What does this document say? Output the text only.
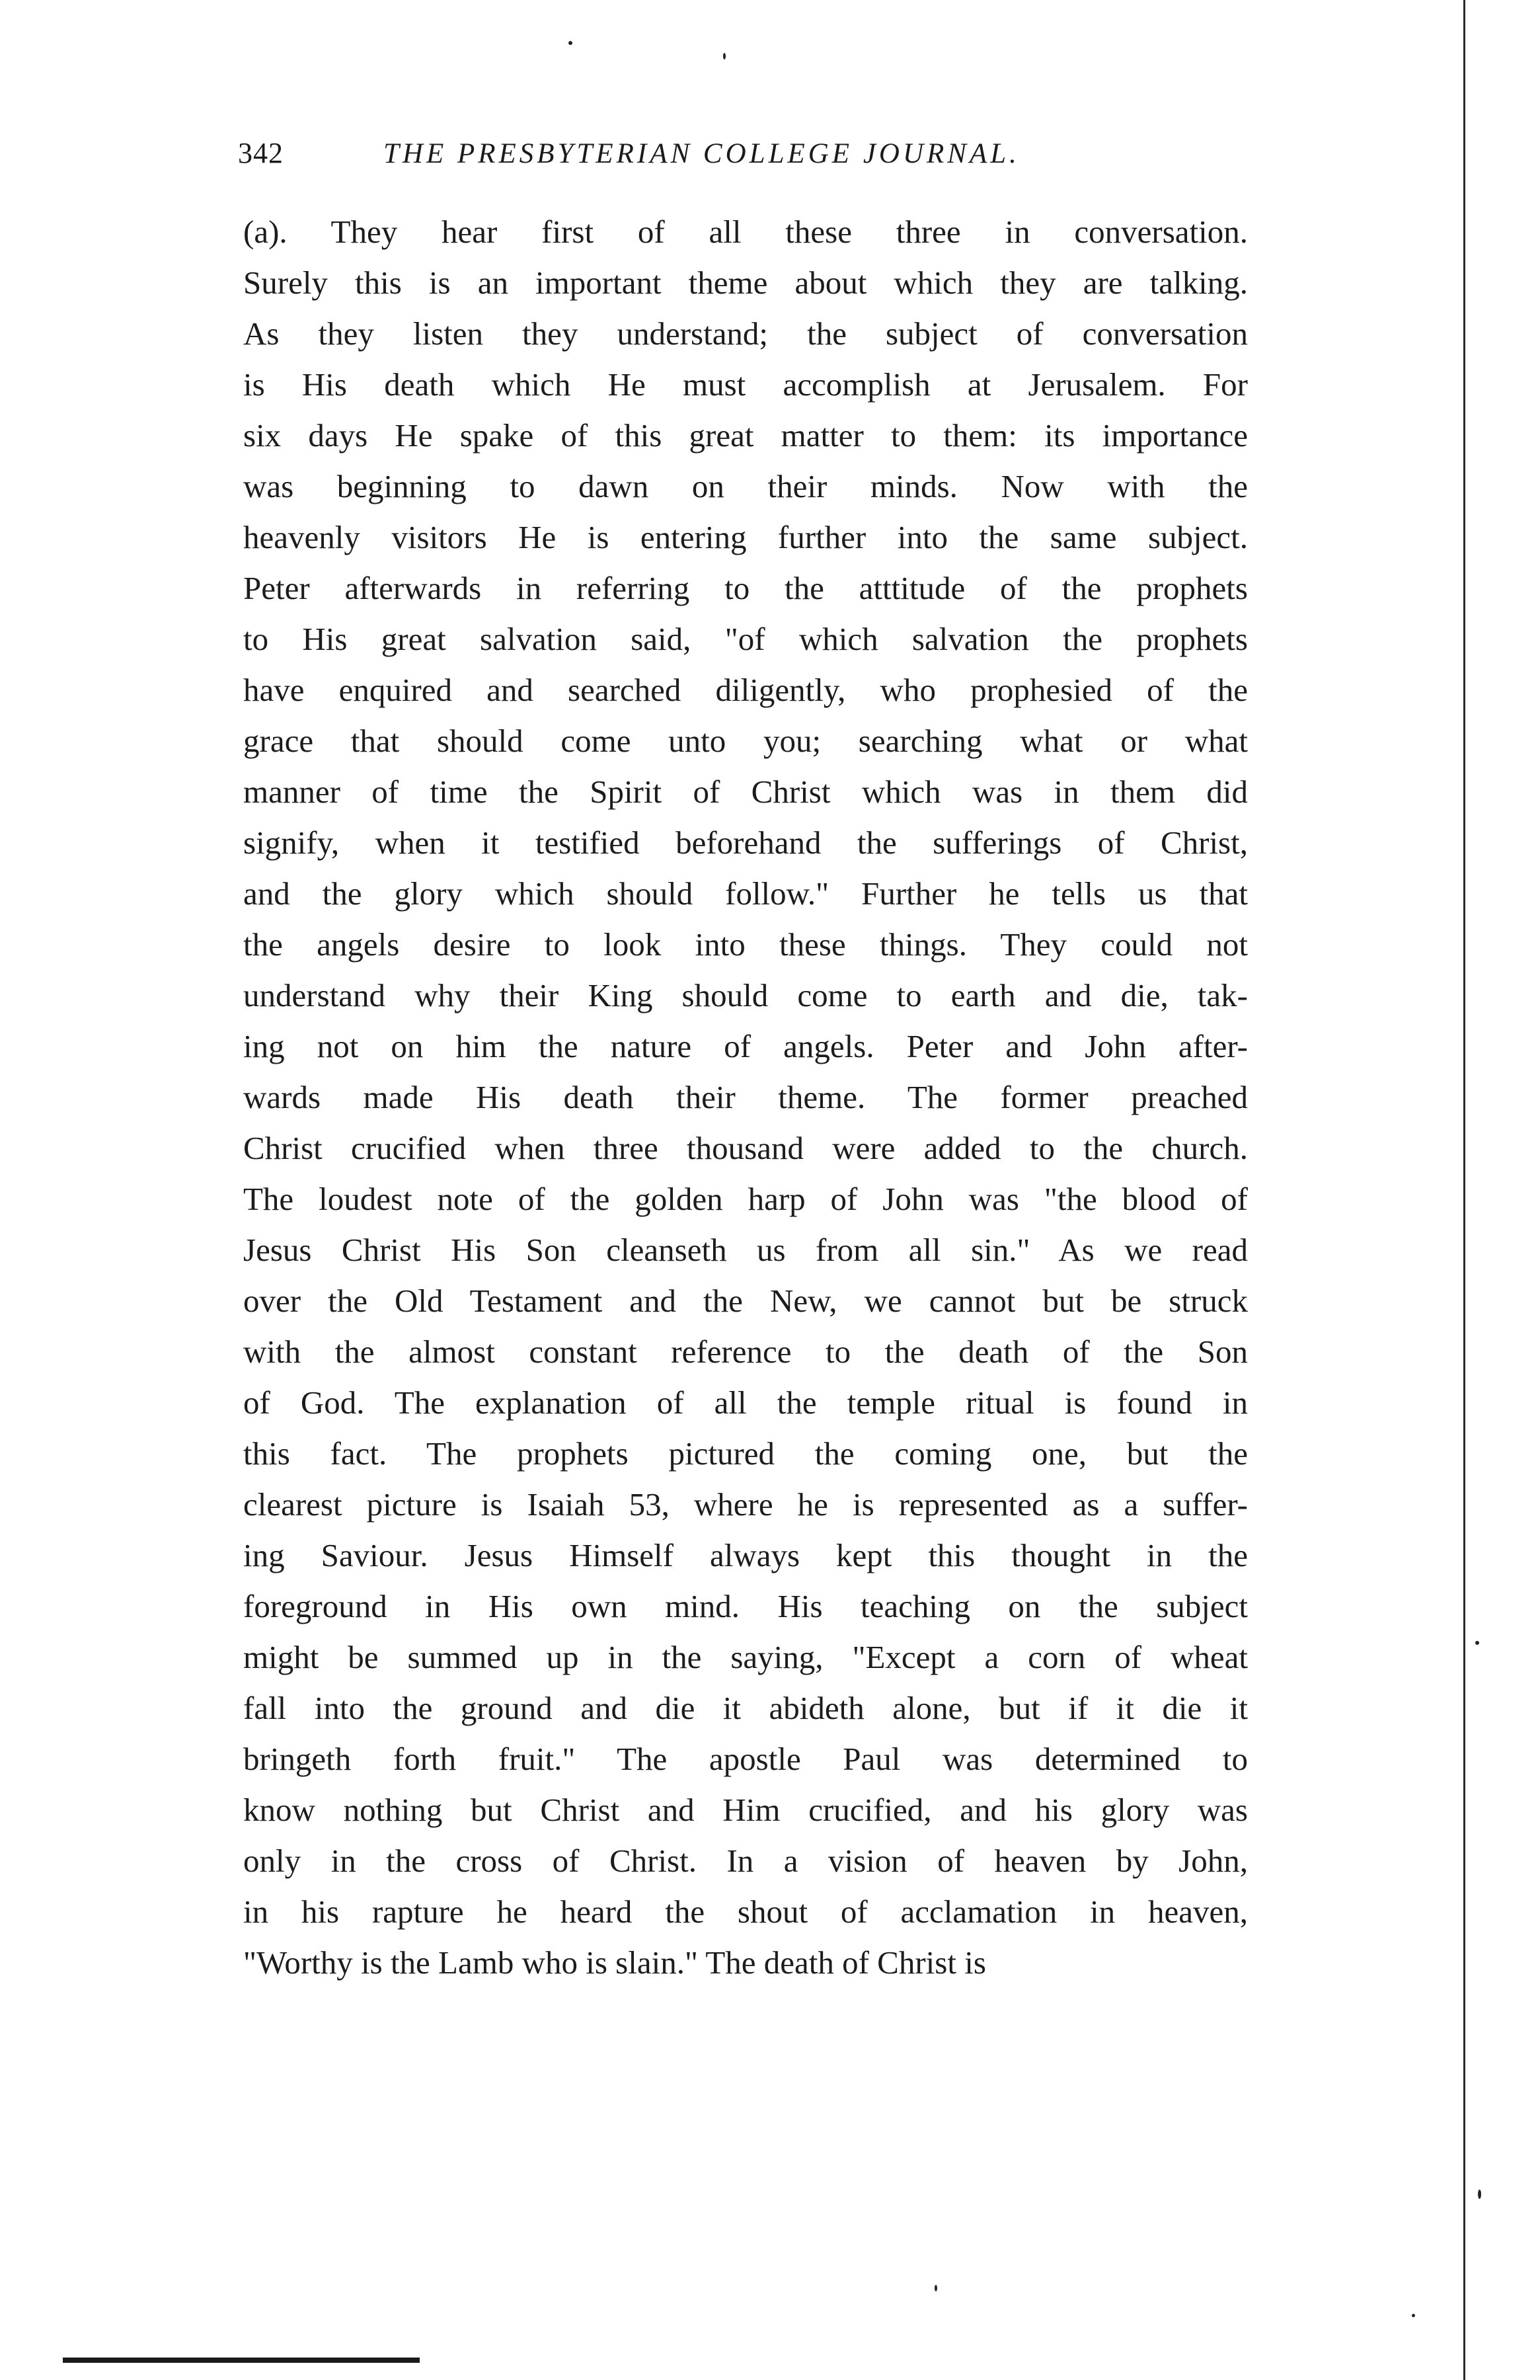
342	THE PRESBYTERIAN COLLEGE JOURNAL.
(a). They hear first of all these three in conversation.
Surely this is an important theme about which they are talking.
As they listen they understand; the subject of conversation
is His death which He must accomplish at Jerusalem. For
six days He spake of this great matter to them: its importance
was beginning to dawn on their minds. Now with the
heavenly visitors He is entering further into the same subject.
Peter afterwards in referring to the atttitude of the prophets
to His great salvation said, "of which salvation the prophets
have enquired and searched diligently, who prophesied of the
grace that should come unto you; searching what or what
manner of time the Spirit of Christ which was in them did
signify, when it testified beforehand the sufferings of Christ,
and the glory which should follow." Further he tells us that
the angels desire to look into these things. They could not
understand why their King should come to earth and die, tak-
ing not on him the nature of angels. Peter and John after-
wards made His death their theme. The former preached
Christ crucified when three thousand were added to the church.
The loudest note of the golden harp of John was "the blood of
Jesus Christ His Son cleanseth us from all sin." As we read
over the Old Testament and the New, we cannot but be struck
with the almost constant reference to the death of the Son
of God. The explanation of all the temple ritual is found in
this fact. The prophets pictured the coming one, but the
clearest picture is Isaiah 53, where he is represented as a suffer-
ing Saviour. Jesus Himself always kept this thought in the
foreground in His own mind. His teaching on the subject
might be summed up in the saying, "Except a corn of wheat
fall into the ground and die it abideth alone, but if it die it
bringeth forth fruit." The apostle Paul was determined to
know nothing but Christ and Him crucified, and his glory was
only in the cross of Christ. In a vision of heaven by John,
in his rapture he heard the shout of acclamation in heaven,
"Worthy is the Lamb who is slain." The death of Christ is
